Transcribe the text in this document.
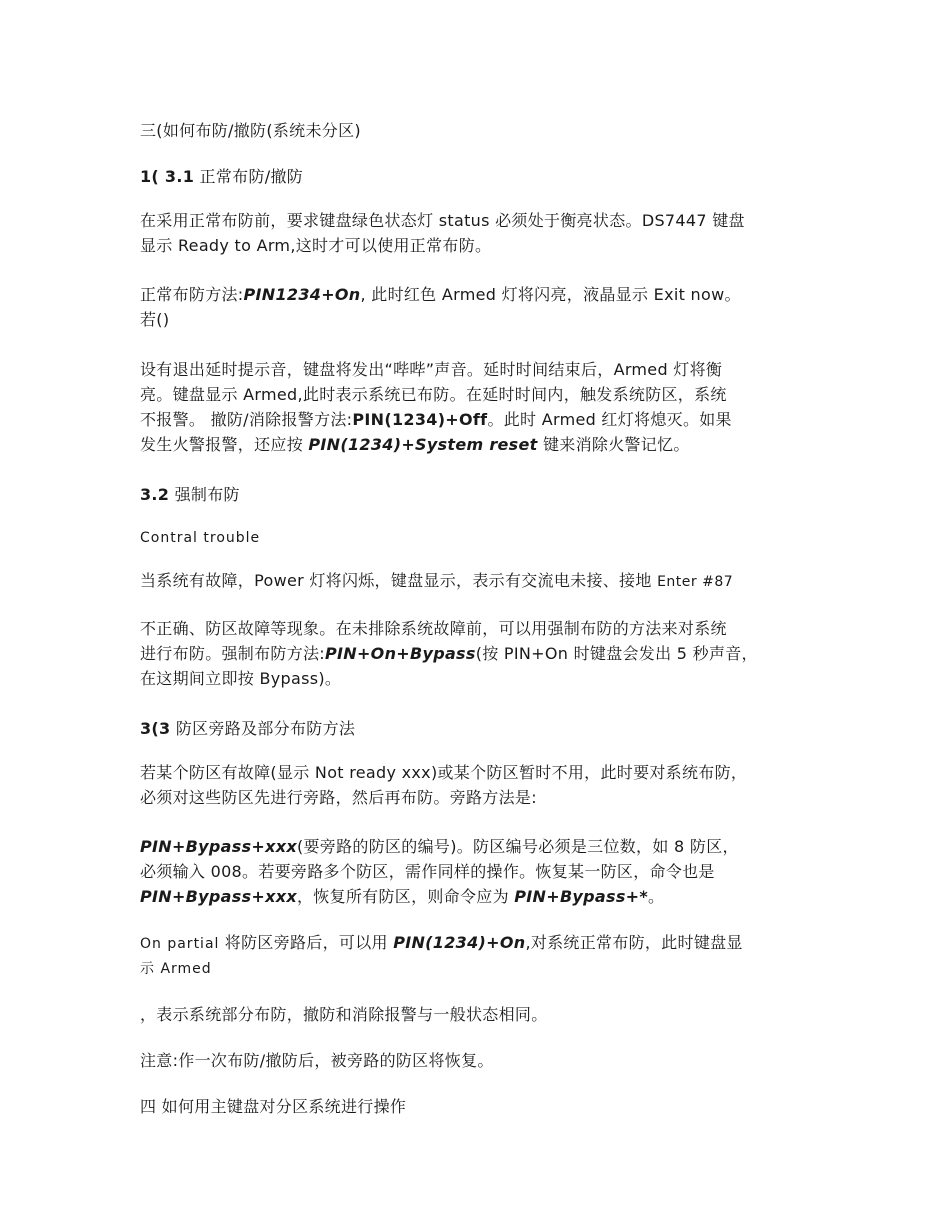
三(如何布防/撤防(系统未分区)

1( 3.1 正常布防/撤防

在采用正常布防前，要求键盘绿色状态灯 status 必须处于衡亮状态。DS7447 键盘

显示 Ready to Arm,这时才可以使用正常布防。

正常布防方法:PIN1234+On, 此时红色 Armed 灯将闪亮，液晶显示 Exit now。

若()

设有退出延时提示音，键盘将发出“哔哔”声音。延时时间结束后，Armed 灯将衡

亮。键盘显示 Armed,此时表示系统已布防。在延时时间内，触发系统防区，系统

不报警。 撤防/消除报警方法:PIN(1234)+Off。此时 Armed 红灯将熄灭。如果

发生火警报警，还应按 PIN(1234)+System reset 键来消除火警记忆。

3.2 强制布防

Contral trouble

当系统有故障，Power 灯将闪烁，键盘显示，表示有交流电未接、接地 Enter #87

不正确、防区故障等现象。在未排除系统故障前，可以用强制布防的方法来对系统

进行布防。强制布防方法:PIN+On+Bypass(按 PIN+On 时键盘会发出 5 秒声音，

在这期间立即按 Bypass)。

3(3 防区旁路及部分布防方法

若某个防区有故障(显示 Not ready xxx)或某个防区暂时不用，此时要对系统布防，

必须对这些防区先进行旁路，然后再布防。旁路方法是:

PIN+Bypass+xxx(要旁路的防区的编号)。防区编号必须是三位数，如 8 防区，

必须输入 008。若要旁路多个防区，需作同样的操作。恢复某一防区，命令也是

PIN+Bypass+xxx，恢复所有防区，则命令应为 PIN+Bypass+*。

On partial 将防区旁路后，可以用 PIN(1234)+On,对系统正常布防，此时键盘显

示 Armed

，表示系统部分布防，撤防和消除报警与一般状态相同。

注意:作一次布防/撤防后，被旁路的防区将恢复。

四 如何用主键盘对分区系统进行操作
